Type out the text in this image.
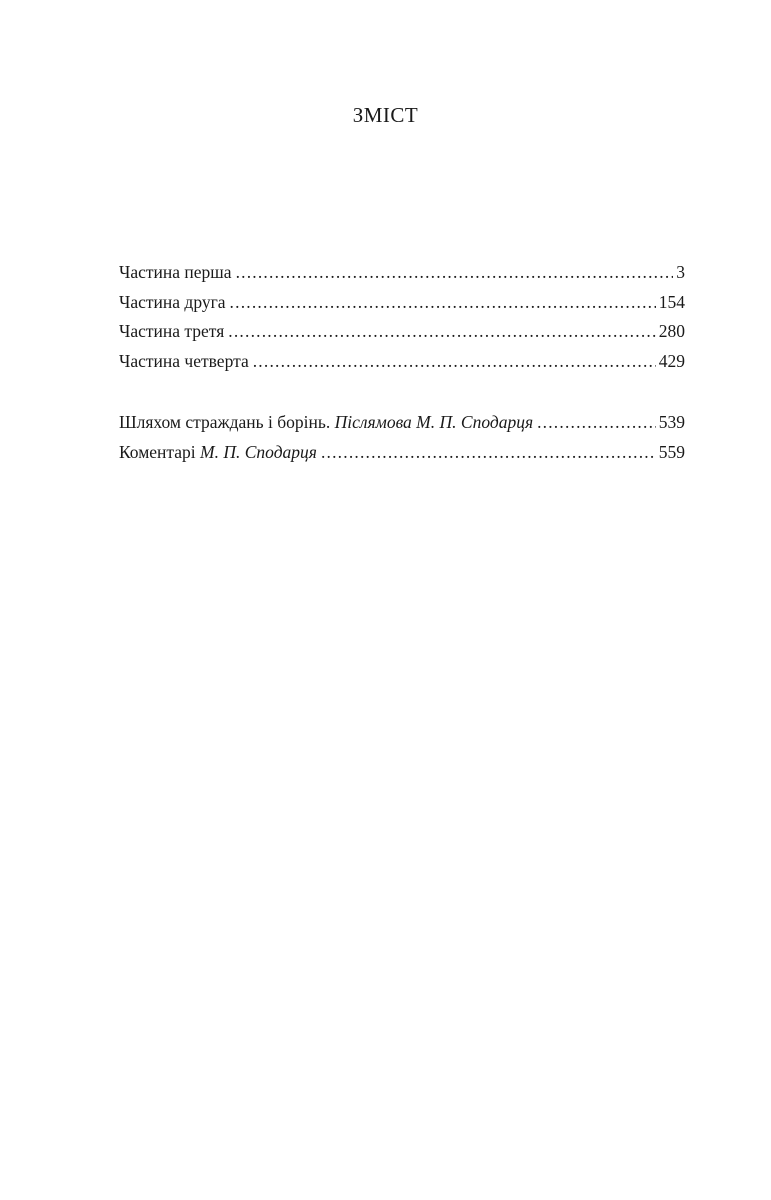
ЗМІСТ
Частина перша .....	3
Частина друга .....	154
Частина третя .....	280
Частина четверта .....	429
Шляхом страждань і борінь. Післямова М. П. Сподарця .....	539
Коментарі М. П. Сподарця .....	559
